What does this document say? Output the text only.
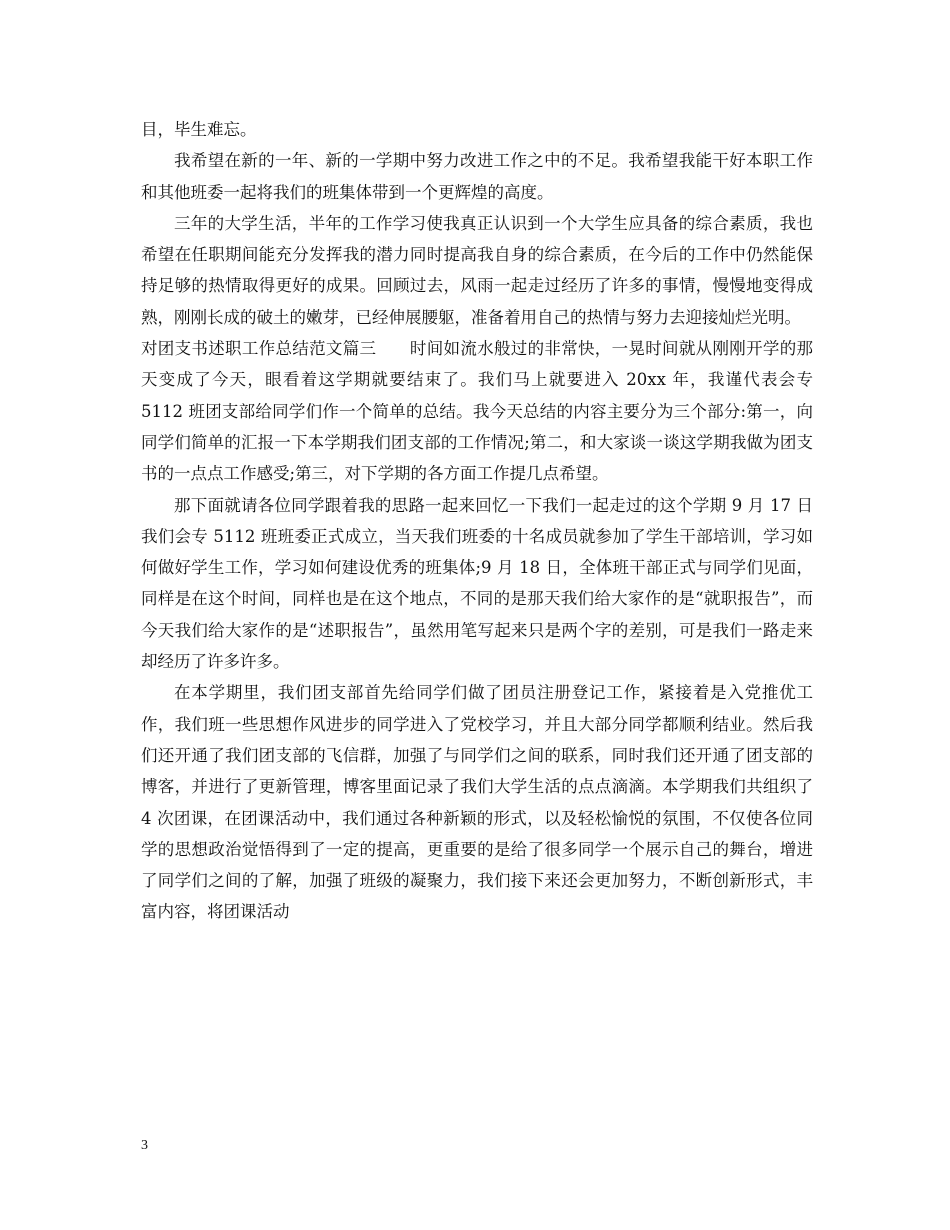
目，毕生难忘。

我希望在新的一年、新的一学期中努力改进工作之中的不足。我希望我能干好本职工作和其他班委一起将我们的班集体带到一个更辉煌的高度。

三年的大学生活，半年的工作学习使我真正认识到一个大学生应具备的综合素质，我也希望在任职期间能充分发挥我的潜力同时提高我自身的综合素质，在今后的工作中仍然能保持足够的热情取得更好的成果。回顾过去，风雨一起走过经历了许多的事情，慢慢地变得成熟，刚刚长成的破土的嫩芽，已经伸展腰躯，准备着用自己的热情与努力去迎接灿烂光明。

对团支书述职工作总结范文篇三　　时间如流水般过的非常快，一晃时间就从刚刚开学的那天变成了今天，眼看着这学期就要结束了。我们马上就要进入 20xx 年，我谨代表会专 5112 班团支部给同学们作一个简单的总结。我今天总结的内容主要分为三个部分:第一，向同学们简单的汇报一下本学期我们团支部的工作情况;第二，和大家谈一谈这学期我做为团支书的一点点工作感受;第三，对下学期的各方面工作提几点希望。

那下面就请各位同学跟着我的思路一起来回忆一下我们一起走过的这个学期 9 月 17 日我们会专 5112 班班委正式成立，当天我们班委的十名成员就参加了学生干部培训，学习如何做好学生工作，学习如何建设优秀的班集体;9 月 18 日，全体班干部正式与同学们见面，同样是在这个时间，同样也是在这个地点，不同的是那天我们给大家作的是“就职报告”，而今天我们给大家作的是“述职报告”，虽然用笔写起来只是两个字的差别，可是我们一路走来却经历了许多许多。

在本学期里，我们团支部首先给同学们做了团员注册登记工作，紧接着是入党推优工作，我们班一些思想作风进步的同学进入了党校学习，并且大部分同学都顺利结业。然后我们还开通了我们团支部的飞信群，加强了与同学们之间的联系，同时我们还开通了团支部的博客，并进行了更新管理，博客里面记录了我们大学生活的点点滴滴。本学期我们共组织了 4 次团课，在团课活动中，我们通过各种新颖的形式，以及轻松愉悦的氛围，不仅使各位同学的思想政治觉悟得到了一定的提高，更重要的是给了很多同学一个展示自己的舞台，增进了同学们之间的了解，加强了班级的凝聚力，我们接下来还会更加努力，不断创新形式，丰富内容，将团课活动

3
